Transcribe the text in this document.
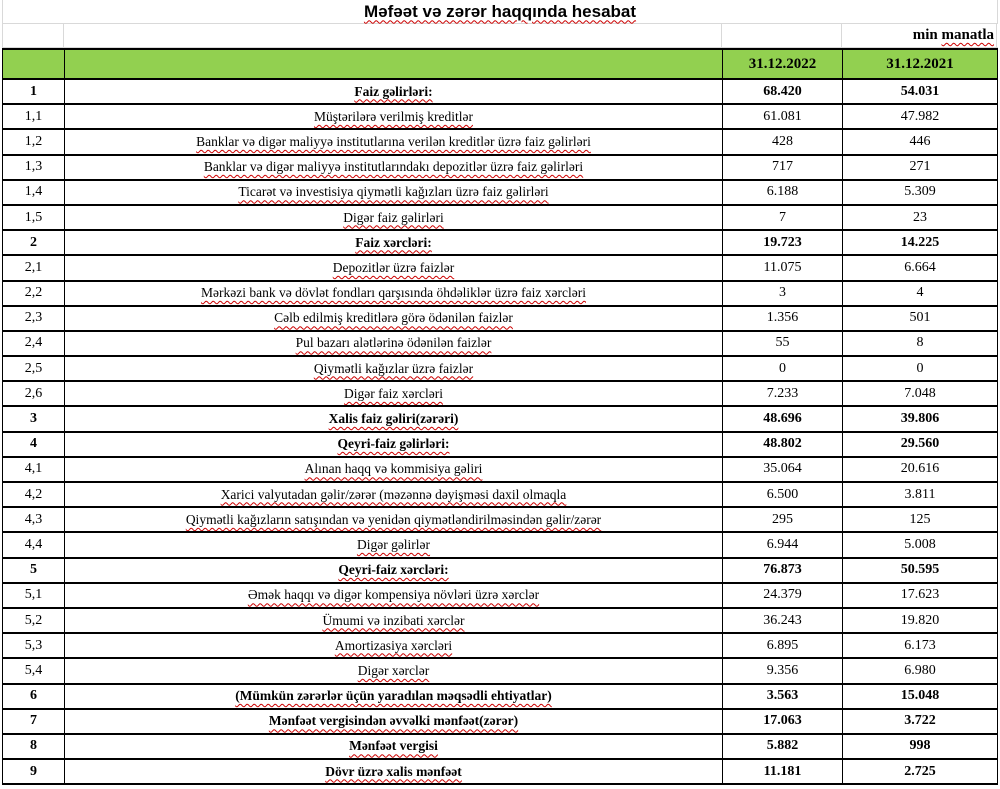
Məfəət və zərər haqqında hesabat
min
manatla
		31.12.2022	31.12.2021
1	Faiz gəlirləri:	68.420	54.031
1,1	Müştərilərə verilmiş kreditlər	61.081	47.982
1,2	Banklar və digər maliyyə institutlarına verilən kreditlər üzrə faiz gəlirləri	428	446
1,3	Banklar və digər maliyyə institutlarındakı depozitlər üzrə faiz gəlirləri	717	271
1,4	Ticarət və investisiya qiymətli kağızları üzrə faiz gəlirləri	6.188	5.309
1,5	Digər faiz gəlirləri	7	23
2	Faiz xərcləri:	19.723	14.225
2,1	Depozitlər üzrə faizlər	11.075	6.664
2,2	Mərkəzi bank və dövlət fondları qarşısında öhdəliklər üzrə faiz xərcləri	3	4
2,3	Cəlb edilmiş kreditlərə görə ödənilən faizlər	1.356	501
2,4	Pul bazarı alətlərinə ödənilən faizlər	55	8
2,5	Qiymətli kağızlar üzrə faizlər	0	0
2,6	Digər faiz xərcləri	7.233	7.048
3	Xalis faiz gəliri(zərəri)	48.696	39.806
4	Qeyri-faiz gəlirləri:	48.802	29.560
4,1	Alınan haqq və kommisiya gəliri	35.064	20.616
4,2	Xarici valyutadan gəlir/zərər (məzənnə dəyişməsi daxil olmaqla	6.500	3.811
4,3	Qiymətli kağızların satışından və yenidən qiymətləndirilməsindən gəlir/zərər	295	125
4,4	Digər gəlirlər	6.944	5.008
5	Qeyri-faiz xərcləri:	76.873	50.595
5,1	Əmək haqqı və digər kompensiya növləri üzrə xərclər	24.379	17.623
5,2	Ümumi və inzibati xərclər	36.243	19.820
5,3	Amortizasiya xərcləri	6.895	6.173
5,4	Digər xərclər	9.356	6.980
6	(Mümkün zərərlər üçün yaradılan məqsədli ehtiyatlar)	3.563	15.048
7	Mənfəət vergisindən əvvəlki mənfəət(zərər)	17.063	3.722
8	Mənfəət vergisi	5.882	998
9	Dövr üzrə xalis mənfəət	11.181	2.725
